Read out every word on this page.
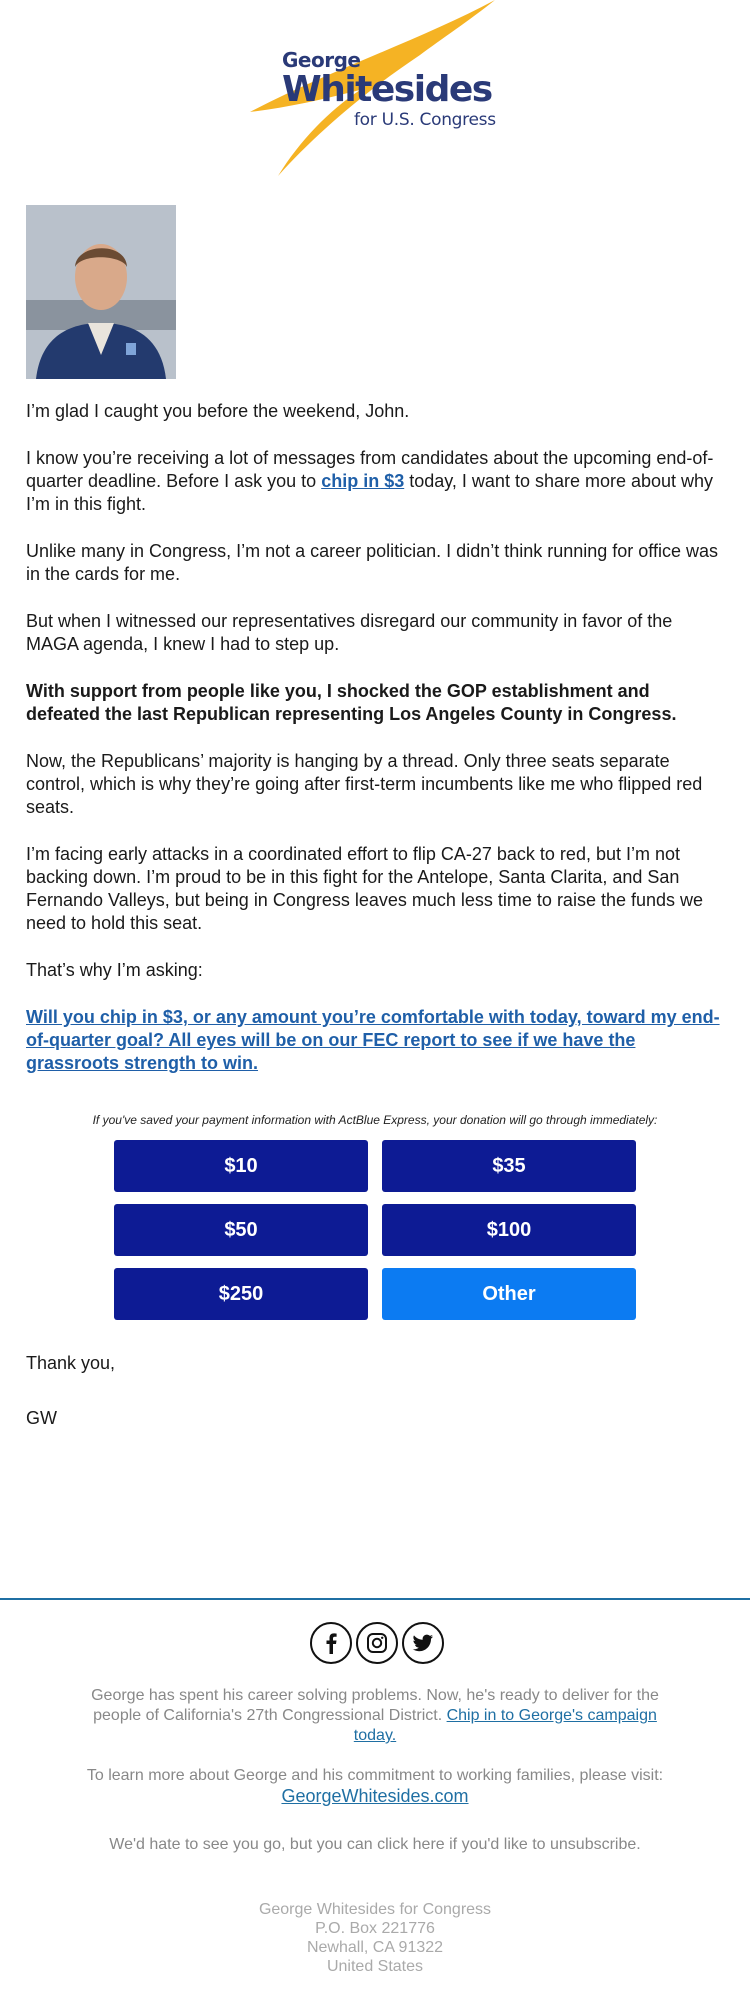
George
Whitesides
for U.S. Congress

I’m glad I caught you before the weekend, John.

I know you’re receiving a lot of messages from candidates about the upcoming end-of-quarter deadline. Before I ask you to chip in $3 today, I want to share more about why I’m in this fight.

Unlike many in Congress, I’m not a career politician. I didn’t think running for office was in the cards for me.

But when I witnessed our representatives disregard our community in favor of the MAGA agenda, I knew I had to step up.

With support from people like you, I shocked the GOP establishment and defeated the last Republican representing Los Angeles County in Congress.

Now, the Republicans’ majority is hanging by a thread. Only three seats separate control, which is why they’re going after first-term incumbents like me who flipped red seats.

I’m facing early attacks in a coordinated effort to flip CA-27 back to red, but I’m not backing down. I’m proud to be in this fight for the Antelope, Santa Clarita, and San Fernando Valleys, but being in Congress leaves much less time to raise the funds we need to hold this seat.

That’s why I’m asking:

Will you chip in $3, or any amount you’re comfortable with today, toward my end-of-quarter goal? All eyes will be on our FEC report to see if we have the grassroots strength to win.

If you've saved your payment information with ActBlue Express, your donation will go through immediately:
$10	$35
$50	$100
$250	Other

Thank you,

GW

George has spent his career solving problems. Now, he's ready to deliver for the people of California's 27th Congressional District. Chip in to George's campaign today.
To learn more about George and his commitment to working families, please visit:
GeorgeWhitesides.com
We'd hate to see you go, but you can click here if you'd like to unsubscribe.
George Whitesides for Congress
P.O. Box 221776
Newhall, CA 91322
United States
